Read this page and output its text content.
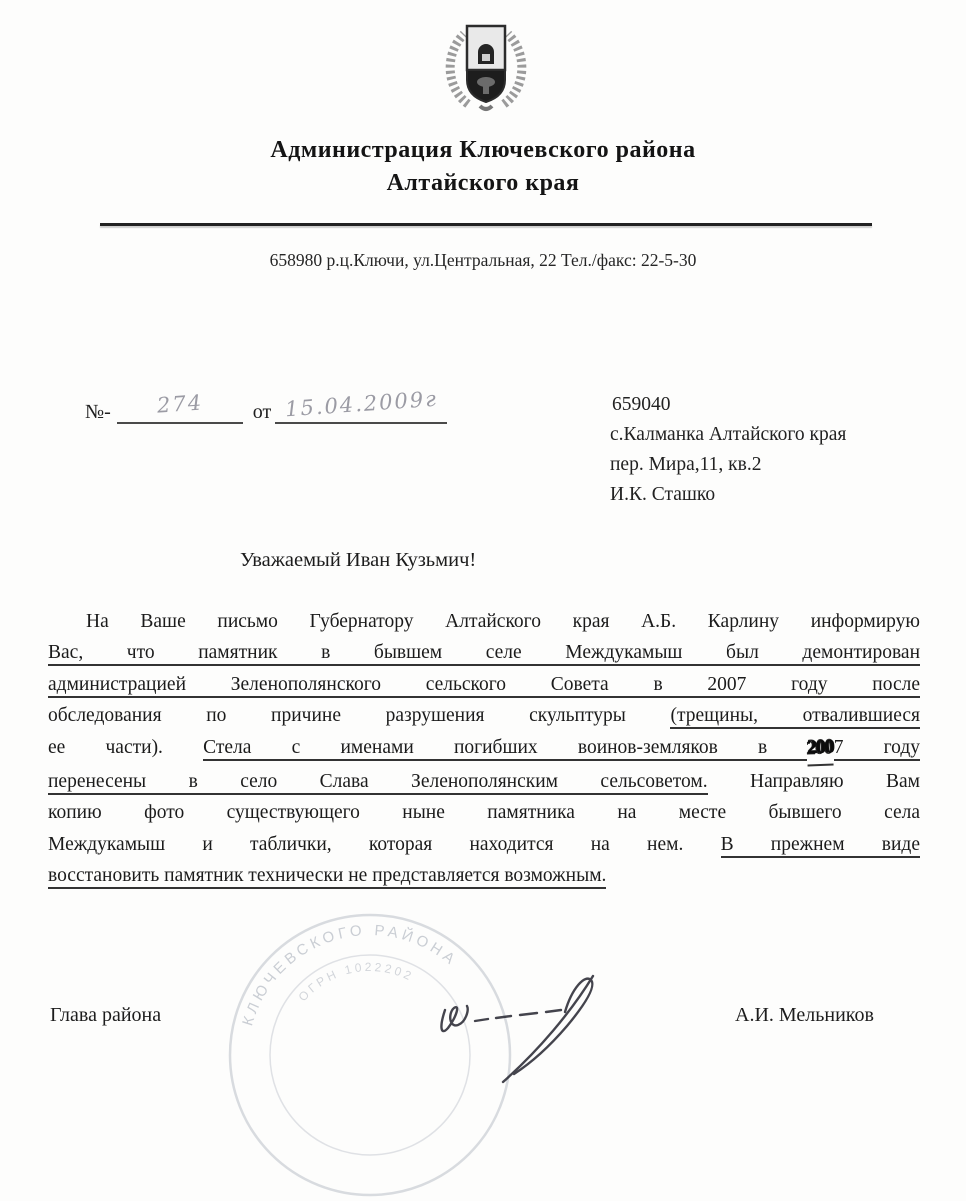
Администрация Ключевского района
Алтайского края
658980 р.ц.Ключи, ул.Центральная, 22 Тел./факс: 22-5-30
№- 274 от 15.04.2009г	659040
с.Калманка Алтайского края
пер. Мира,11, кв.2
И.К. Сташко
Уважаемый Иван Кузьмич!
На Ваше письмо Губернатору Алтайского края А.Б. Карлину информирую
Вас, что памятник в бывшем селе Междукамыш был демонтирован
администрацией Зеленополянского сельского Совета в 2007 году после
обследования по причине разрушения скульптуры (трещины, отвалившиеся
ее части). Стела с именами погибших воинов-земляков в 2007 году
перенесены в село Слава Зеленополянским сельсоветом. Направляю Вам
копию фото существующего ныне памятника на месте бывшего села
Междукамыш и таблички, которая находится на нем. В прежнем виде
восстановить памятник технически не представляется возможным.
КЛЮЧЕВСКОГО РАЙОНА
ОГРН 1022202
Глава района	А.И. Мельников
